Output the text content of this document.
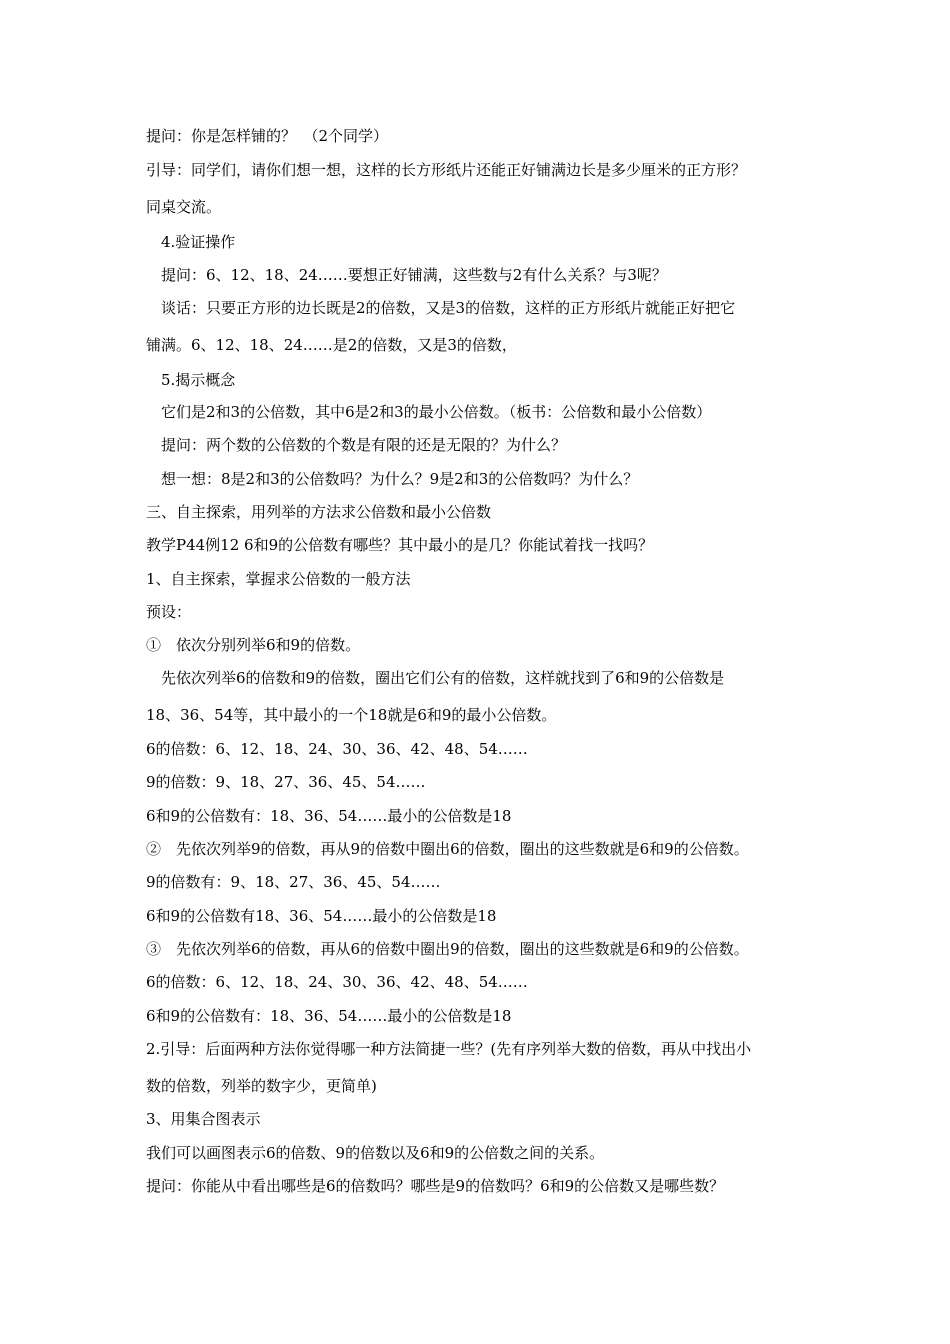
提问：你是怎样铺的？　（2个同学）
引导：同学们，请你们想一想，这样的长方形纸片还能正好铺满边长是多少厘米的正方形？
同桌交流。
4.验证操作
提问：6、12、18、24……要想正好铺满，这些数与2有什么关系？与3呢？
谈话：只要正方形的边长既是2的倍数，又是3的倍数，这样的正方形纸片就能正好把它
铺满。6、12、18、24……是2的倍数，又是3的倍数，
5.揭示概念
它们是2和3的公倍数，其中6是2和3的最小公倍数。（板书：公倍数和最小公倍数）
提问：两个数的公倍数的个数是有限的还是无限的？为什么？
想一想：8是2和3的公倍数吗？为什么？9是2和3的公倍数吗？为什么？
三、自主探索，用列举的方法求公倍数和最小公倍数
教学P44例12 6和9的公倍数有哪些？其中最小的是几？你能试着找一找吗？
1、自主探索，掌握求公倍数的一般方法
预设：
①　依次分别列举6和9的倍数。
先依次列举6的倍数和9的倍数，圈出它们公有的倍数，这样就找到了6和9的公倍数是
18、36、54等，其中最小的一个18就是6和9的最小公倍数。
6的倍数：6、12、18、24、30、36、42、48、54……
9的倍数：9、18、27、36、45、54……
6和9的公倍数有：18、36、54……最小的公倍数是18
②　先依次列举9的倍数，再从9的倍数中圈出6的倍数，圈出的这些数就是6和9的公倍数。
9的倍数有：9、18、27、36、45、54……
6和9的公倍数有18、36、54……最小的公倍数是18
③　先依次列举6的倍数，再从6的倍数中圈出9的倍数，圈出的这些数就是6和9的公倍数。
6的倍数：6、12、18、24、30、36、42、48、54……
6和9的公倍数有：18、36、54……最小的公倍数是18
2.引导：后面两种方法你觉得哪一种方法简捷一些？(先有序列举大数的倍数，再从中找出小
数的倍数，列举的数字少，更简单)
3、用集合图表示
我们可以画图表示6的倍数、9的倍数以及6和9的公倍数之间的关系。
提问：你能从中看出哪些是6的倍数吗？哪些是9的倍数吗？6和9的公倍数又是哪些数？
